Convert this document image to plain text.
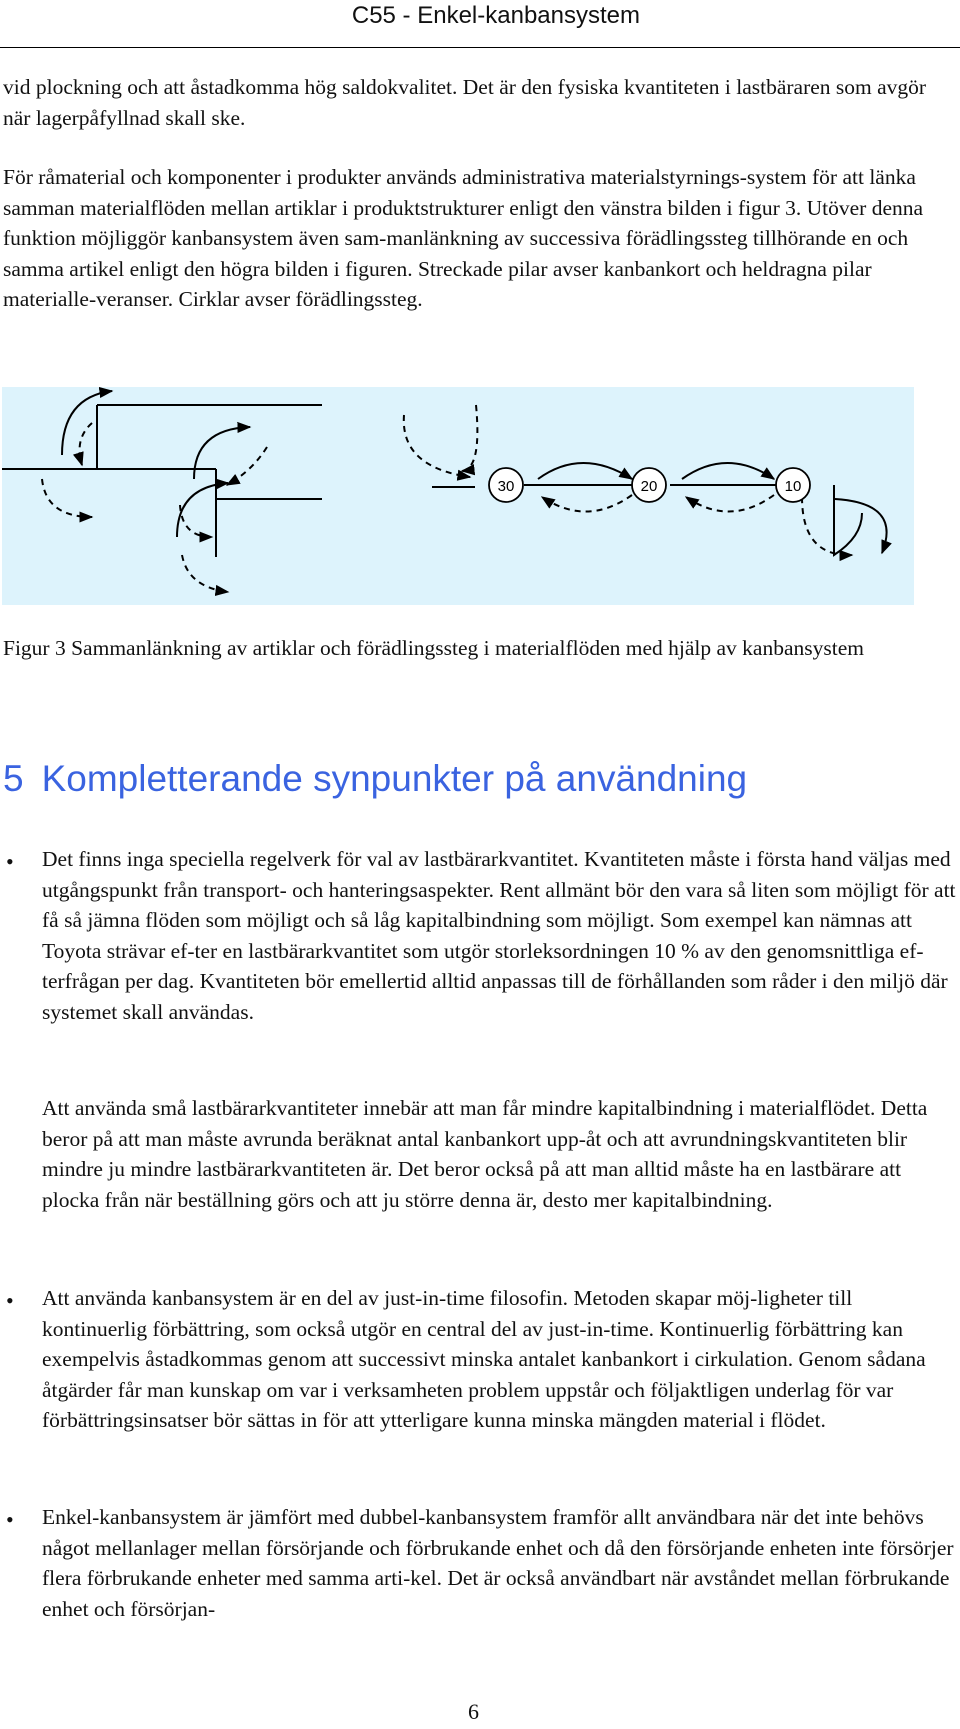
C55 - Enkel-kanbansystem

vid plockning och att åstadkomma hög saldokvalitet. Det är den fysiska kvantiteten i lastbäraren som avgör när lagerpåfyllnad skall ske.

För råmaterial och komponenter i produkter används administrativa materialstyrnings-system för att länka samman materialflöden mellan artiklar i produktstrukturer enligt den vänstra bilden i figur 3. Utöver denna funktion möjliggör kanbansystem även sam-manlänkning av successiva förädlingssteg tillhörande en och samma artikel enligt den högra bilden i figuren. Streckade pilar avser kanbankort och heldragna pilar materialle-veranser. Cirklar avser förädlingssteg.

30	20	10

Figur 3 Sammanlänkning av artiklar och förädlingssteg i materialflöden med hjälp av kanbansystem

5 Kompletterande synpunkter på användning
• Det finns inga speciella regelverk för val av lastbärarkvantitet. Kvantiteten måste i första hand väljas med utgångspunkt från transport- och hanteringsaspekter. Rent allmänt bör den vara så liten som möjligt för att få så jämna flöden som möjligt och så låg kapitalbindning som möjligt. Som exempel kan nämnas att Toyota strävar ef-ter en lastbärarkvantitet som utgör storleksordningen 10 % av den genomsnittliga ef-terfrågan per dag. Kvantiteten bör emellertid alltid anpassas till de förhållanden som råder i den miljö där systemet skall användas.

Att använda små lastbärarkvantiteter innebär att man får mindre kapitalbindning i materialflödet. Detta beror på att man måste avrunda beräknat antal kanbankort upp-åt och att avrundningskvantiteten blir mindre ju mindre lastbärarkvantiteten är. Det beror också på att man alltid måste ha en lastbärare att plocka från när beställning görs och att ju större denna är, desto mer kapitalbindning.

• Att använda kanbansystem är en del av just-in-time filosofin. Metoden skapar möj-ligheter till kontinuerlig förbättring, som också utgör en central del av just-in-time. Kontinuerlig förbättring kan exempelvis åstadkommas genom att successivt minska antalet kanbankort i cirkulation. Genom sådana åtgärder får man kunskap om var i verksamheten problem uppstår och följaktligen underlag för var förbättringsinsatser bör sättas in för att ytterligare kunna minska mängden material i flödet.

• Enkel-kanbansystem är jämfört med dubbel-kanbansystem framför allt användbara när det inte behövs något mellanlager mellan försörjande och förbrukande enhet och då den försörjande enheten inte försörjer flera förbrukande enheter med samma arti-kel. Det är också användbart när avståndet mellan förbrukande enhet och försörjan-

6
